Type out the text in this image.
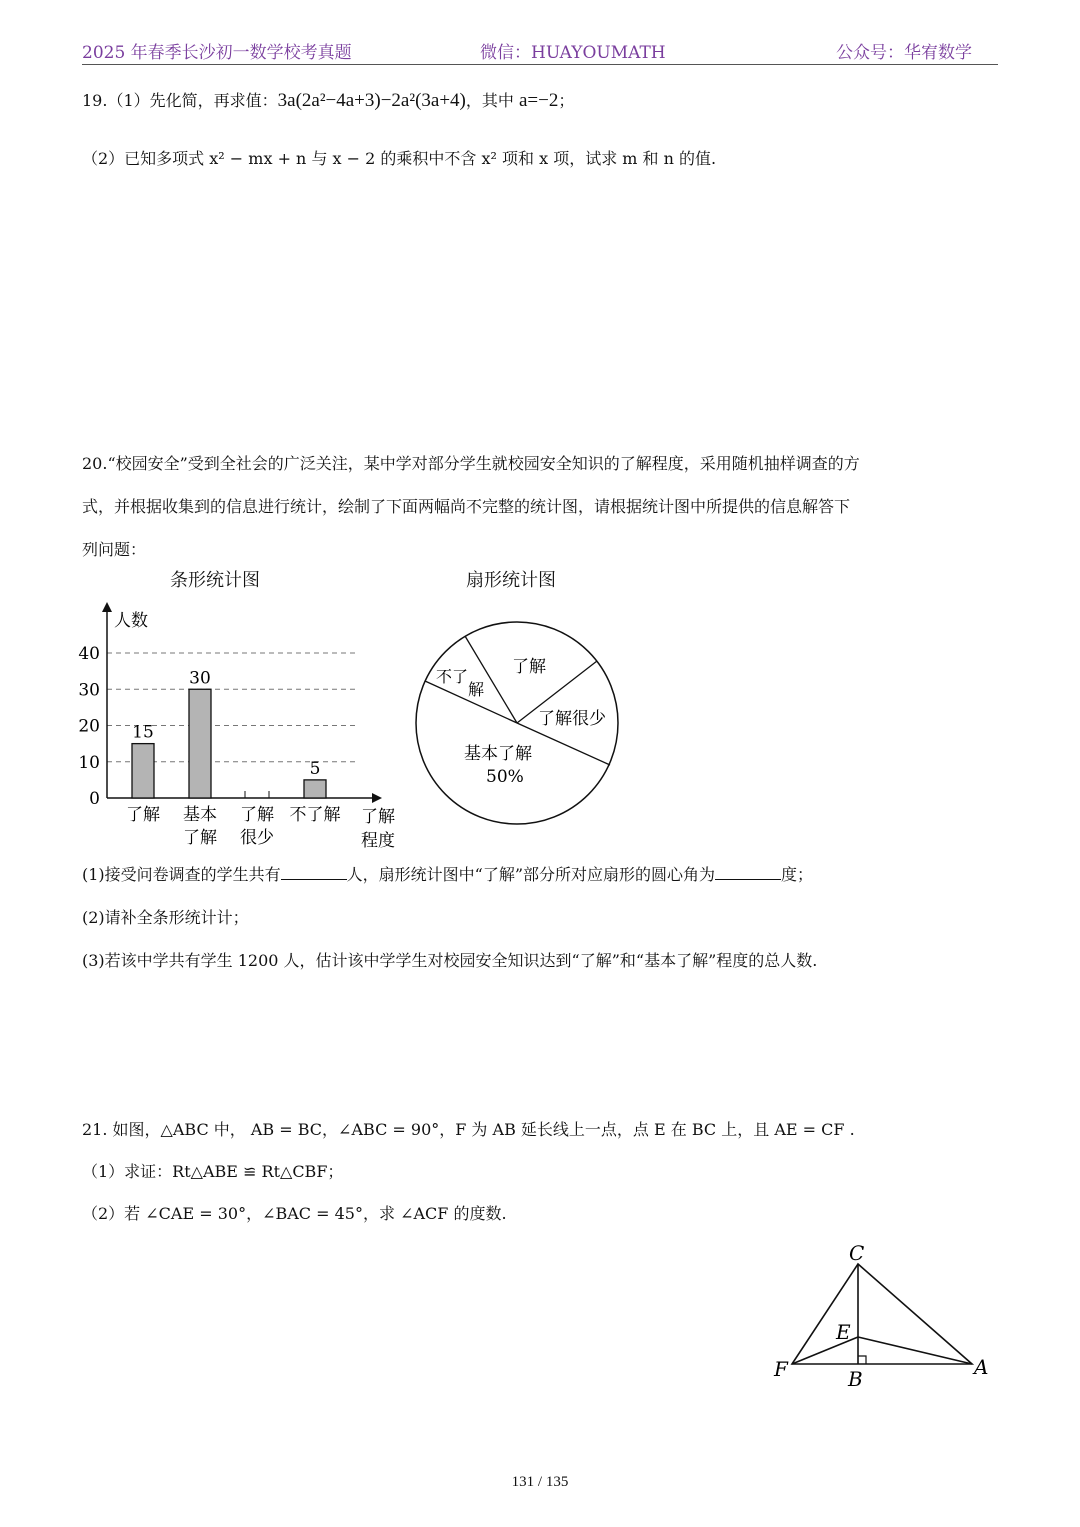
2025 年春季长沙初一数学校考真题	微信：HUAYOUMATH	公众号：华宥数学
19.（1）先化简，再求值：3a(2a²−4a+3)−2a²(3a+4)，其中 a=−2；
（2）已知多项式 x² − mx + n 与 x − 2 的乘积中不含 x² 项和 x 项，试求 m 和 n 的值.
20.“校园安全”受到全社会的广泛关注，某中学对部分学生就校园安全知识的了解程度，采用随机抽样调查的方
式，并根据收集到的信息进行统计，绘制了下面两幅尚不完整的统计图，请根据统计图中所提供的信息解答下
列问题：
条形统计图	扇形统计图
人数
0
10
20
30
40
15
30
5
了解 基本
了解
了解
很少
不了解 了解
程度
了解
了解很少
不了
解
基本了解
50%
(1)接受问卷调查的学生共有	人，扇形统计图中“了解”部分所对应扇形的圆心角为	度；
(2)请补全条形统计计；
(3)若该中学共有学生 1200 人，估计该中学学生对校园安全知识达到“了解”和“基本了解”程度的总人数.
21. 如图，△ABC 中， AB = BC，∠ABC = 90°，F 为 AB 延长线上一点，点 E 在 BC 上，且 AE = CF .
（1）求证：Rt△ABE ≌ Rt△CBF；
（2）若 ∠CAE = 30°，∠BAC = 45°，求 ∠ACF 的度数.
C
E
F	B	A
131 / 135
